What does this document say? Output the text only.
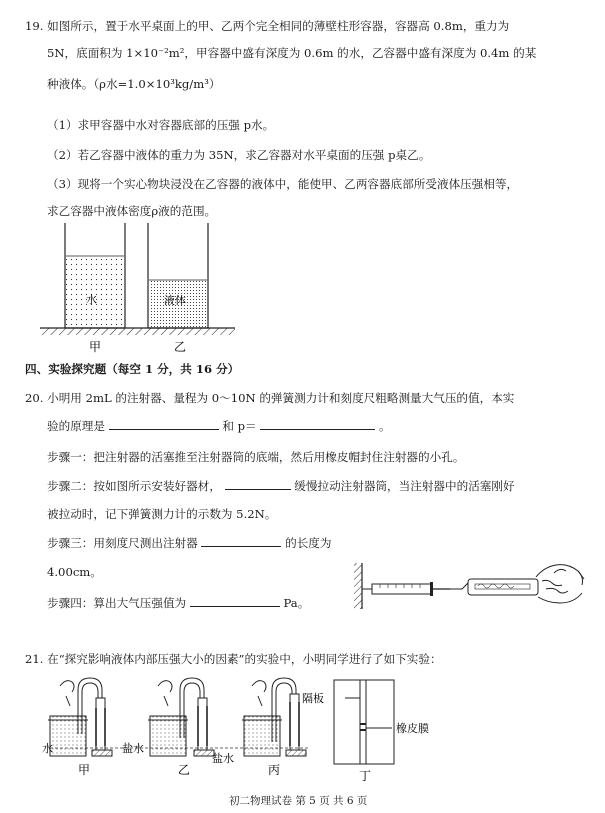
19. 如图所示，置于水平桌面上的甲、乙两个完全相同的薄壁柱形容器，容器高 0.8m，重力为
5N，底面积为 1×10⁻²m²，甲容器中盛有深度为 0.6m 的水，乙容器中盛有深度为 0.4m 的某
种液体。（ρ水=1.0×10³kg/m³）
（1）求甲容器中水对容器底部的压强 p水。
（2）若乙容器中液体的重力为 35N，求乙容器对水平桌面的压强 p桌乙。
（3）现将一个实心物块浸没在乙容器的液体中，能使甲、乙两容器底部所受液体压强相等，
求乙容器中液体密度ρ液的范围。
水	液体
甲	乙
四、实验探究题（每空 1 分，共 16 分）
20. 小明用 2mL 的注射器、量程为 0～10N 的弹簧测力计和刻度尺粗略测量大气压的值，本实
验的原理是	和 p＝	。
步骤一：把注射器的活塞推至注射器筒的底端，然后用橡皮帽封住注射器的小孔。
步骤二：按如图所示安装好器材，	缓慢拉动注射器筒，当注射器中的活塞刚好
被拉动时，记下弹簧测力计的示数为 5.2N。
步骤三：用刻度尺测出注射器	的长度为
4.00cm。
步骤四：算出大气压强值为	Pa。
21. 在“探究影响液体内部压强大小的因素”的实验中，小明同学进行了如下实验：
水
甲
盐水
乙
盐水
丙
隔板
橡皮膜
丁
初二物理试卷 第 5 页 共 6 页
